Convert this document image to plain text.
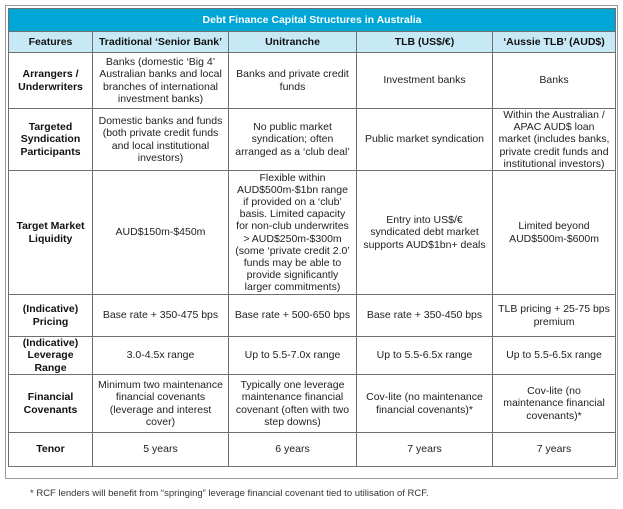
Debt Finance Capital Structures in Australia				
Features	Traditional ‘Senior Bank’	Unitranche	TLB (US$/€)	‘Aussie TLB’ (AUD$)
Arrangers / Underwriters	Banks (domestic ‘Big 4’ Australian banks and local branches of international investment banks)	Banks and private credit funds	Investment banks	Banks
Targeted Syndication Participants	Domestic banks and funds (both private credit funds and local institutional investors)	No public market syndication; often arranged as a ‘club deal’	Public market syndication	Within the Australian / APAC AUD$ loan market (includes banks, private credit funds and institutional investors)
Target Market Liquidity	AUD$150m-$450m	Flexible within AUD$500m-$1bn range if provided on a ‘club’ basis. Limited capacity for non-club underwrites > AUD$250m-$300m (some ‘private credit 2.0’ funds may be able to provide significantly larger commitments)	Entry into US$/€ syndicated debt market supports AUD$1bn+ deals	Limited beyond AUD$500m-$600m
(Indicative) Pricing	Base rate + 350-475 bps	Base rate + 500-650 bps	Base rate + 350-450 bps	TLB pricing + 25-75 bps premium
(Indicative) Leverage Range	3.0-4.5x range	Up to 5.5-7.0x range	Up to 5.5-6.5x range	Up to 5.5-6.5x range
Financial Covenants	Minimum two maintenance financial covenants (leverage and interest cover)	Typically one leverage maintenance financial covenant (often with two step downs)	Cov-lite (no maintenance financial covenants)*	Cov-lite (no maintenance financial covenants)*
Tenor	5 years	6 years	7 years	7 years
* RCF lenders will benefit from “springing” leverage financial covenant tied to utilisation of RCF.
